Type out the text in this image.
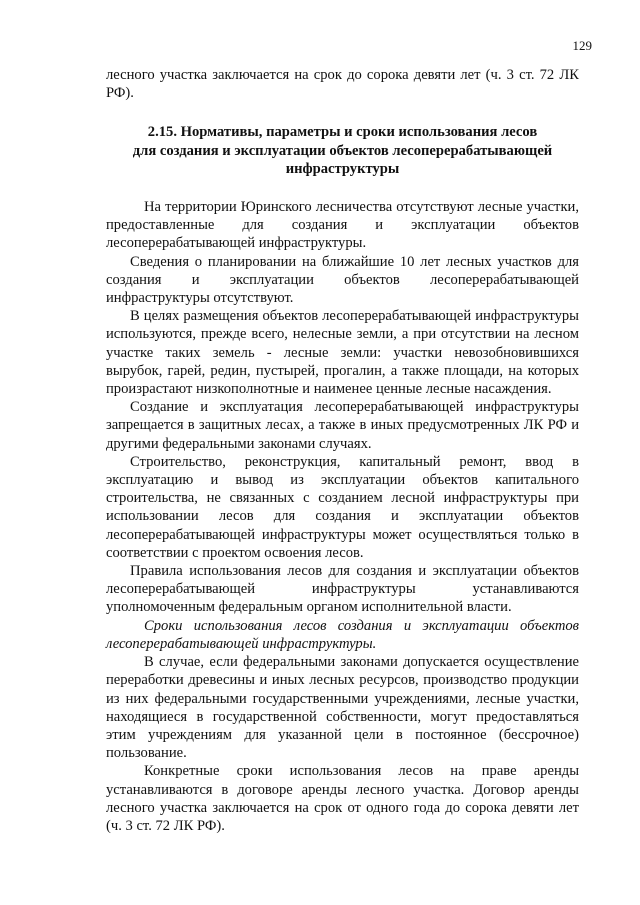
129

лесного участка заключается на срок до сорока девяти лет (ч. 3 ст. 72 ЛК РФ).

2.15. Нормативы, параметры и сроки использования лесов
для создания и эксплуатации объектов лесоперерабатывающей
инфраструктуры

На территории Юринского лесничества отсутствуют лесные участки, предоставленные для создания и эксплуатации объектов лесоперерабатывающей инфраструктуры.

Сведения о планировании на ближайшие 10 лет лесных участков для создания и эксплуатации объектов лесоперерабатывающей инфраструктуры отсутствуют.

В целях размещения объектов лесоперерабатывающей инфраструктуры используются, прежде всего, нелесные земли, а при отсутствии на лесном участке таких земель - лесные земли: участки невозобновившихся вырубок, гарей, редин, пустырей, прогалин, а также площади, на которых произрастают низкополнотные и наименее ценные лесные насаждения.

Создание и эксплуатация лесоперерабатывающей инфраструктуры запрещается в защитных лесах, а также в иных предусмотренных ЛК РФ и другими федеральными законами случаях.

Строительство, реконструкция, капитальный ремонт, ввод в эксплуатацию и вывод из эксплуатации объектов капитального строительства, не связанных с созданием лесной инфраструктуры при использовании лесов для создания и эксплуатации объектов лесоперерабатывающей инфраструктуры может осуществляться только в соответствии с проектом освоения лесов.

Правила использования лесов для создания и эксплуатации объектов лесоперерабатывающей инфраструктуры устанавливаются уполномоченным федеральным органом исполнительной власти.

Сроки использования лесов создания и эксплуатации объектов лесоперерабатывающей инфраструктуры.

В случае, если федеральными законами допускается осуществление переработки древесины и иных лесных ресурсов, производство продукции из них федеральными государственными учреждениями, лесные участки, находящиеся в государственной собственности, могут предоставляться этим учреждениям для указанной цели в постоянное (бессрочное) пользование.

Конкретные сроки использования лесов на праве аренды устанавливаются в договоре аренды лесного участка. Договор аренды лесного участка заключается на срок от одного года до сорока девяти лет (ч. 3 ст. 72 ЛК РФ).
